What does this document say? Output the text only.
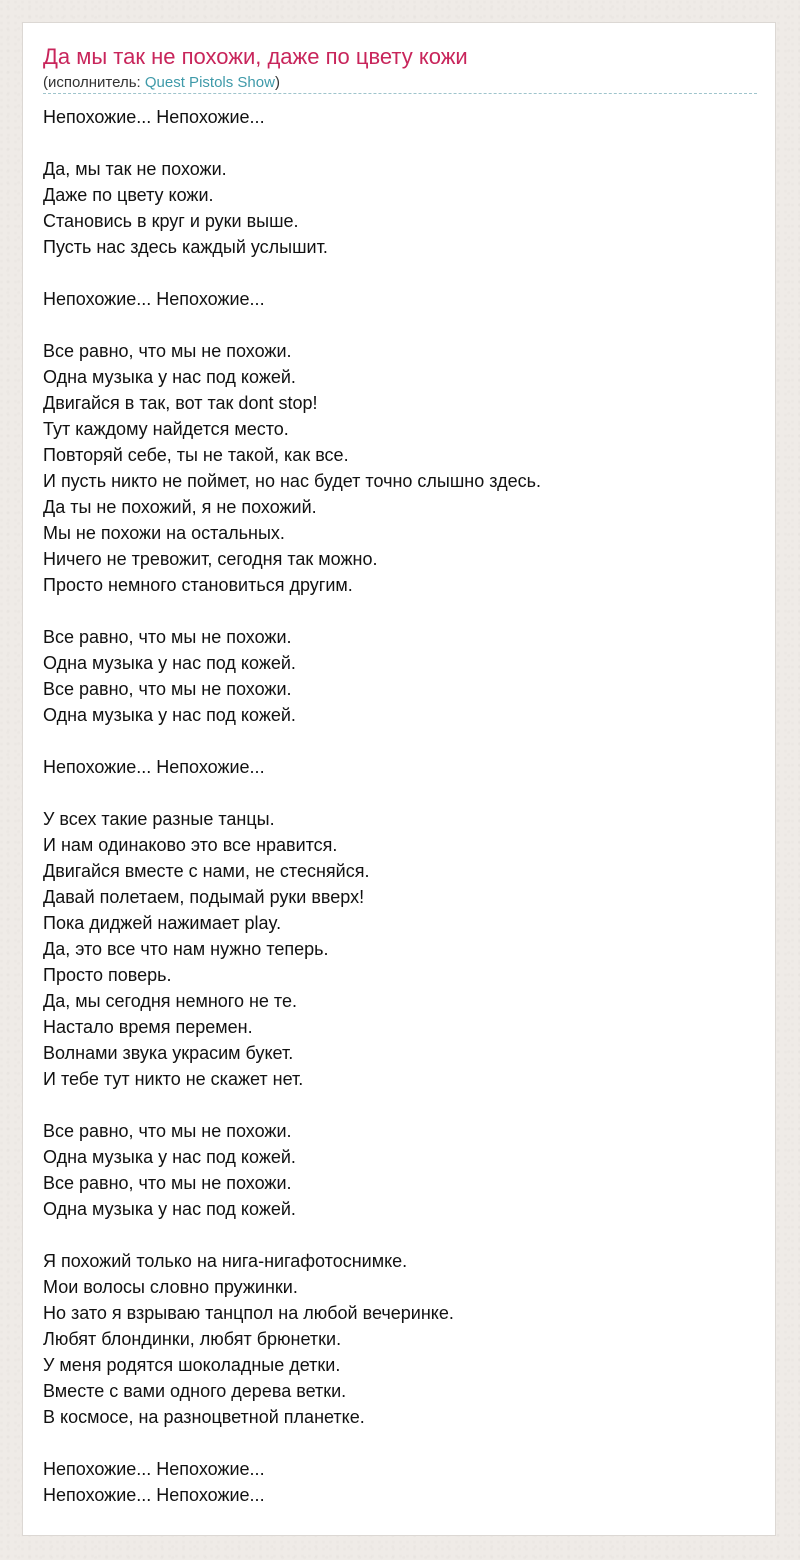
Да мы так не похожи, даже по цвету кожи
(исполнитель: Quest Pistols Show)
Непохожие... Непохожие...
Да, мы так не похожи.
Даже по цвету кожи.
Становись в круг и руки выше.
Пусть нас здесь каждый услышит.
Непохожие... Непохожие...
Все равно, что мы не похожи.
Одна музыка у нас под кожей.
Двигайся в так, вот так dont stop!
Тут каждому найдется место.
Повторяй себе, ты не такой, как все.
И пусть никто не поймет, но нас будет точно слышно здесь.
Да ты не похожий, я не похожий.
Мы не похожи на остальных.
Ничего не тревожит, сегодня так можно.
Просто немного становиться другим.
Все равно, что мы не похожи.
Одна музыка у нас под кожей.
Все равно, что мы не похожи.
Одна музыка у нас под кожей.
Непохожие... Непохожие...
У всех такие разные танцы.
И нам одинаково это все нравится.
Двигайся вместе с нами, не стесняйся.
Давай полетаем, подымай руки вверх!
Пока диджей нажимает play.
Да, это все что нам нужно теперь.
Просто поверь.
Да, мы сегодня немного не те.
Настало время перемен.
Волнами звука украсим букет.
И тебе тут никто не скажет нет.
Все равно, что мы не похожи.
Одна музыка у нас под кожей.
Все равно, что мы не похожи.
Одна музыка у нас под кожей.
Я похожий только на нига-нигафотоснимке.
Мои волосы словно пружинки.
Но зато я взрываю танцпол на любой вечеринке.
Любят блондинки, любят брюнетки.
У меня родятся шоколадные детки.
Вместе с вами одного дерева ветки.
В космосе, на разноцветной планетке.
Непохожие... Непохожие...
Непохожие... Непохожие...
